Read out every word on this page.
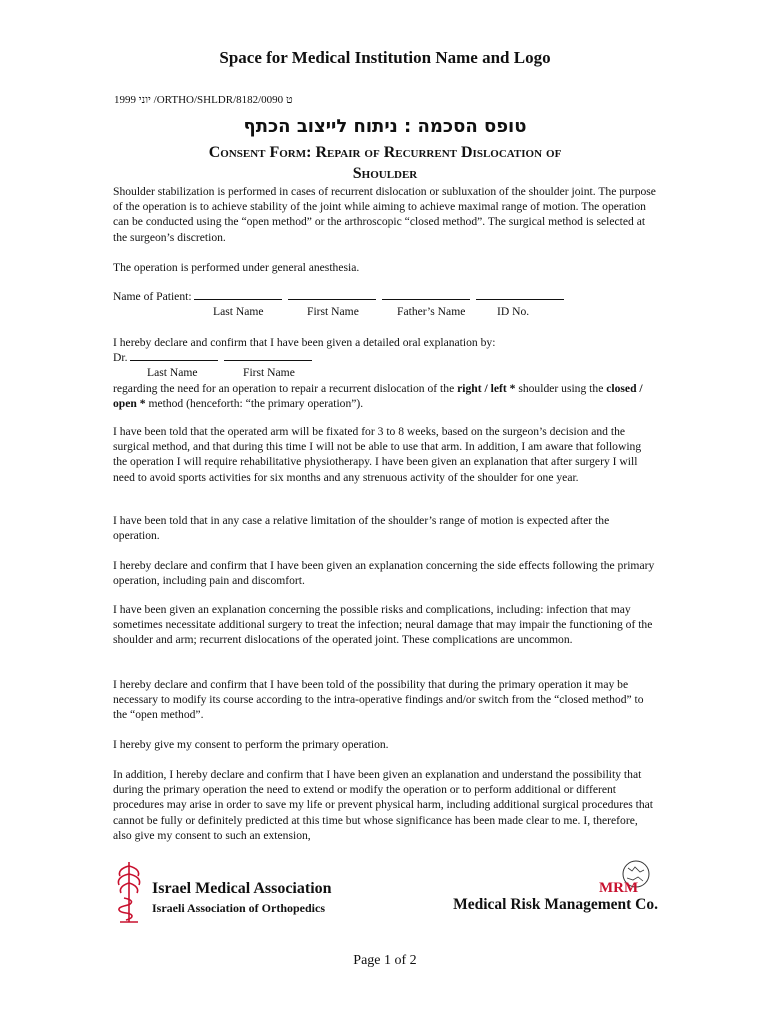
Space for Medical Institution Name and Logo
1999 יוני /ORTHO/SHLDR/8182/0090 ט
טופס הסכמה : ניתוח לייצוב הכתף
Consent Form: Repair of Recurrent Dislocation of
Shoulder

Shoulder stabilization is performed in cases of recurrent dislocation or subluxation of the shoulder joint. The purpose of the operation is to achieve stability of the joint while aiming to achieve maximal range of motion. The operation can be conducted using the “open method” or the arthroscopic “closed method”. The surgical method is selected at the surgeon’s discretion.

The operation is performed under general anesthesia.

Name of Patient:

Last Name	First Name	Father’s Name	ID No.

I hereby declare and confirm that I have been given a detailed oral explanation by:

Dr.

Last Name	First Name

regarding the need for an operation to repair a recurrent dislocation of the right / left * shoulder using the closed / open * method (henceforth: “the primary operation”).

I have been told that the operated arm will be fixated for 3 to 8 weeks, based on the surgeon’s decision and the surgical method, and that during this time I will not be able to use that arm. In addition, I am aware that following the operation I will require rehabilitative physiotherapy. I have been given an explanation that after surgery I will need to avoid sports activities for six months and any strenuous activity of the shoulder for one year.

I have been told that in any case a relative limitation of the shoulder’s range of motion is expected after the operation.

I hereby declare and confirm that I have been given an explanation concerning the side effects following the primary operation, including pain and discomfort.

I have been given an explanation concerning the possible risks and complications, including: infection that may sometimes necessitate additional surgery to treat the infection; neural damage that may impair the functioning of the shoulder and arm; recurrent dislocations of the operated joint. These complications are uncommon.

I hereby declare and confirm that I have been told of the possibility that during the primary operation it may be necessary to modify its course according to the intra-operative findings and/or switch from the “closed method” to the “open method”.

I hereby give my consent to perform the primary operation.

In addition, I hereby declare and confirm that I have been given an explanation and understand the possibility that during the primary operation the need to extend or modify the operation or to perform additional or different procedures may arise in order to save my life or prevent physical harm, including additional surgical procedures that cannot be fully or definitely predicted at this time but whose significance has been made clear to me. I, therefore, also give my consent to such an extension,

Israel Medical Association
Israeli Association of Orthopedics
MRM
Medical Risk Management Co.
Page 1 of 2
